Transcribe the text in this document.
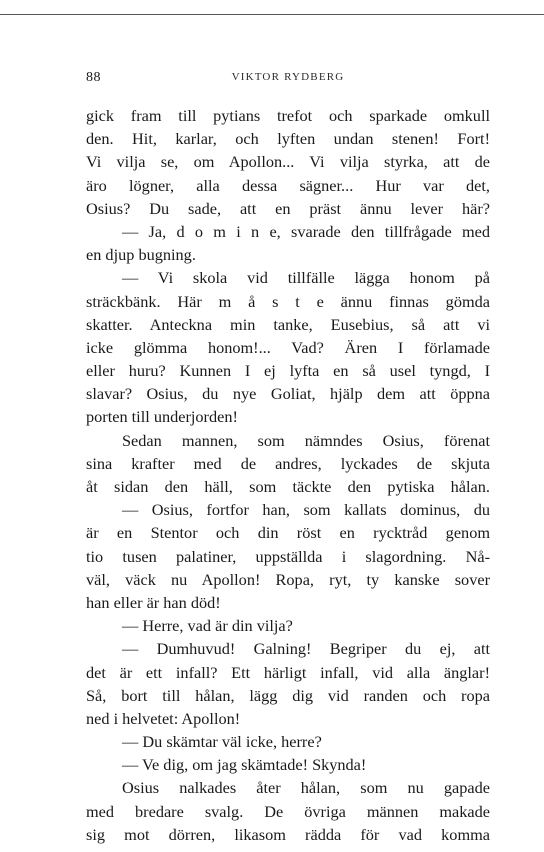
88	VIKTOR RYDBERG
gick fram till pytians trefot och sparkade omkull
den. Hit, karlar, och lyften undan stenen! Fort!
Vi vilja se, om Apollon... Vi vilja styrka, att de
äro lögner, alla dessa sägner... Hur var det,
Osius? Du sade, att en präst ännu lever här?
— Ja, d o m i n e, svarade den tillfrågade med
en djup bugning.
— Vi skola vid tillfälle lägga honom på
sträckbänk. Här m å s t e ännu finnas gömda
skatter. Anteckna min tanke, Eusebius, så att vi
icke glömma honom!... Vad? Ären I förlamade
eller huru? Kunnen I ej lyfta en så usel tyngd, I
slavar? Osius, du nye Goliat, hjälp dem att öppna
porten till underjorden!
Sedan mannen, som nämndes Osius, förenat
sina krafter med de andres, lyckades de skjuta
åt sidan den häll, som täckte den pytiska hålan.
— Osius, fortfor han, som kallats dominus, du
är en Stentor och din röst en rycktråd genom
tio tusen palatiner, uppställda i slagordning. Nå-
väl, väck nu Apollon! Ropa, ryt, ty kanske sover
han eller är han död!
— Herre, vad är din vilja?
— Dumhuvud! Galning! Begriper du ej, att
det är ett infall? Ett härligt infall, vid alla änglar!
Så, bort till hålan, lägg dig vid randen och ropa
ned i helvetet: Apollon!
— Du skämtar väl icke, herre?
— Ve dig, om jag skämtade! Skynda!
Osius nalkades åter hålan, som nu gapade
med bredare svalg. De övriga männen makade
sig mot dörren, likasom rädda för vad komma
